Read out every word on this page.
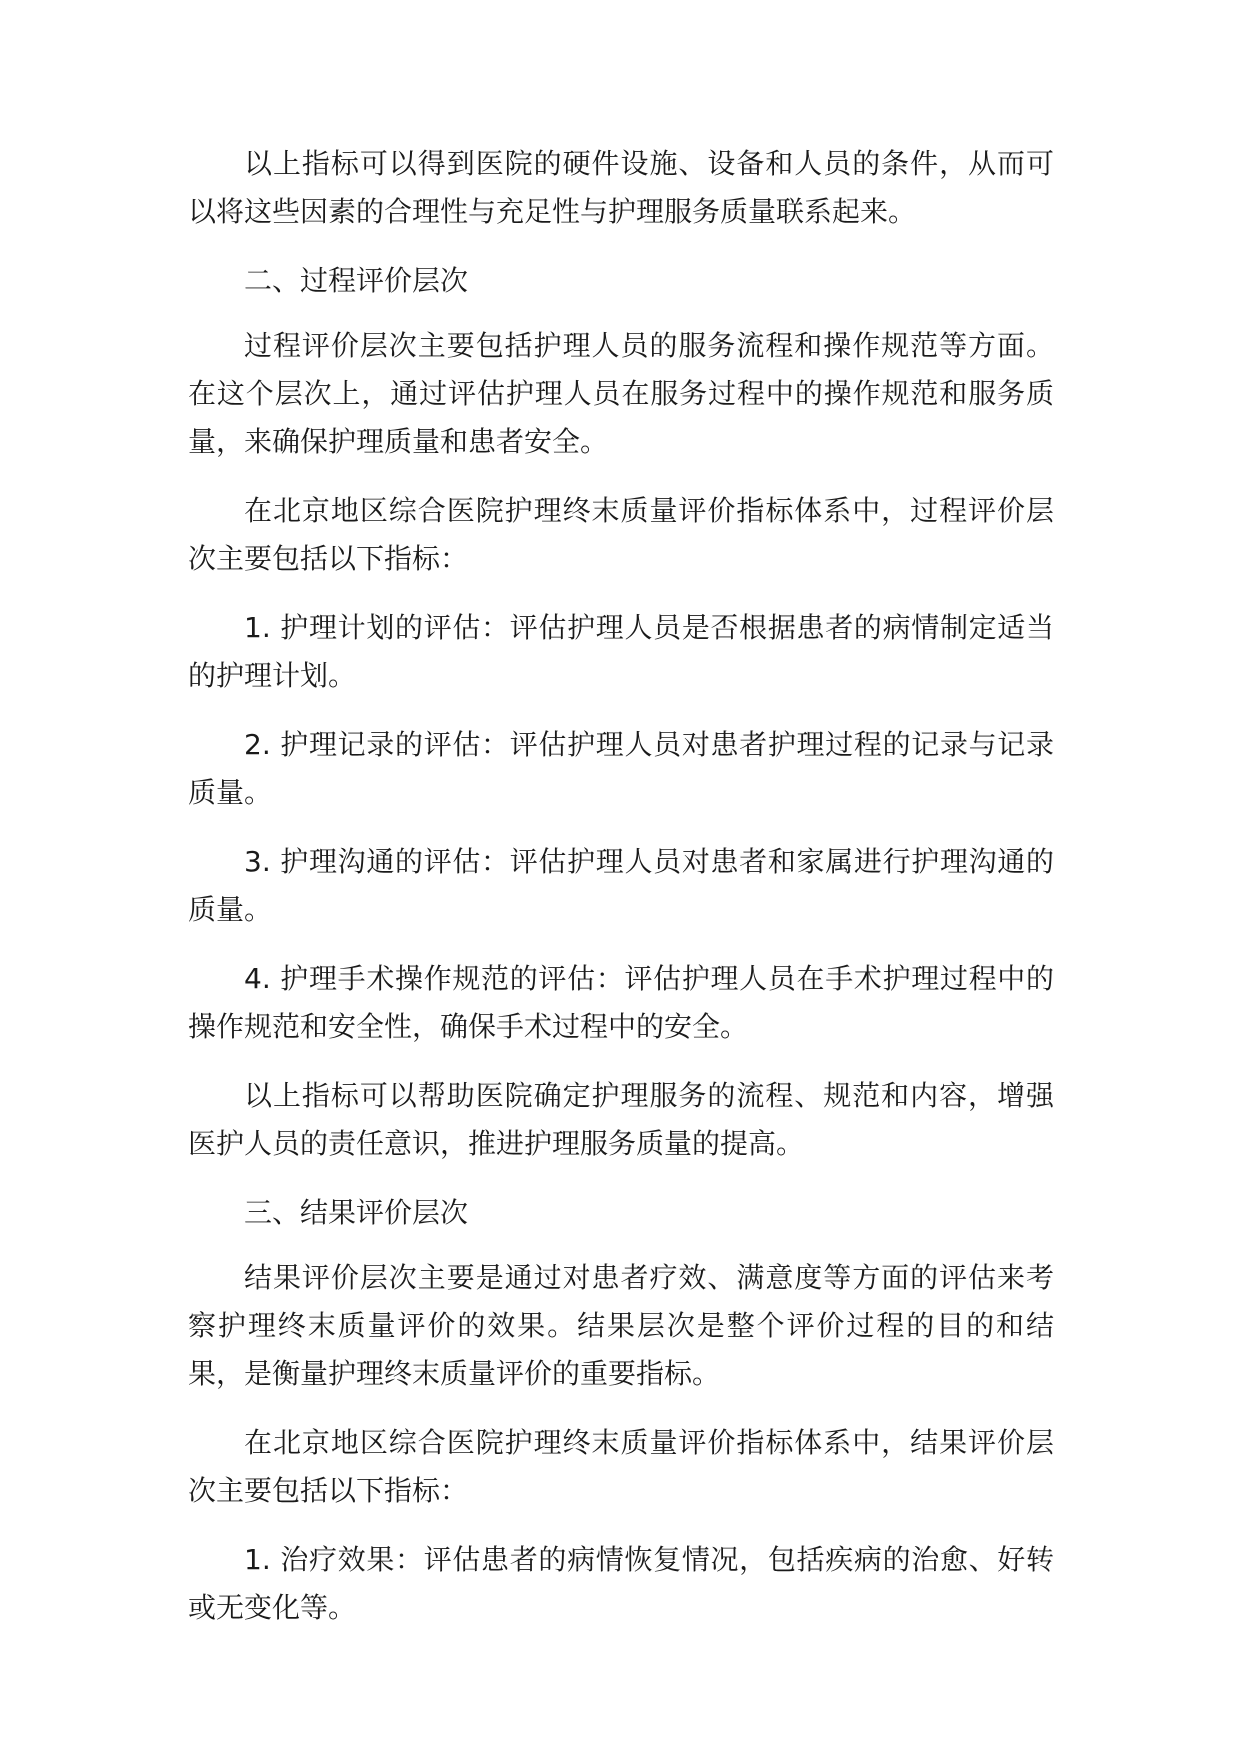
以上指标可以得到医院的硬件设施、设备和人员的条件，从而可以将这些因素的合理性与充足性与护理服务质量联系起来。

二、过程评价层次

过程评价层次主要包括护理人员的服务流程和操作规范等方面。在这个层次上，通过评估护理人员在服务过程中的操作规范和服务质量，来确保护理质量和患者安全。

在北京地区综合医院护理终末质量评价指标体系中，过程评价层次主要包括以下指标：

1. 护理计划的评估：评估护理人员是否根据患者的病情制定适当的护理计划。

2. 护理记录的评估：评估护理人员对患者护理过程的记录与记录质量。

3. 护理沟通的评估：评估护理人员对患者和家属进行护理沟通的质量。

4. 护理手术操作规范的评估：评估护理人员在手术护理过程中的操作规范和安全性，确保手术过程中的安全。

以上指标可以帮助医院确定护理服务的流程、规范和内容，增强医护人员的责任意识，推进护理服务质量的提高。

三、结果评价层次

结果评价层次主要是通过对患者疗效、满意度等方面的评估来考察护理终末质量评价的效果。结果层次是整个评价过程的目的和结果，是衡量护理终末质量评价的重要指标。

在北京地区综合医院护理终末质量评价指标体系中，结果评价层次主要包括以下指标：

1. 治疗效果：评估患者的病情恢复情况，包括疾病的治愈、好转或无变化等。
